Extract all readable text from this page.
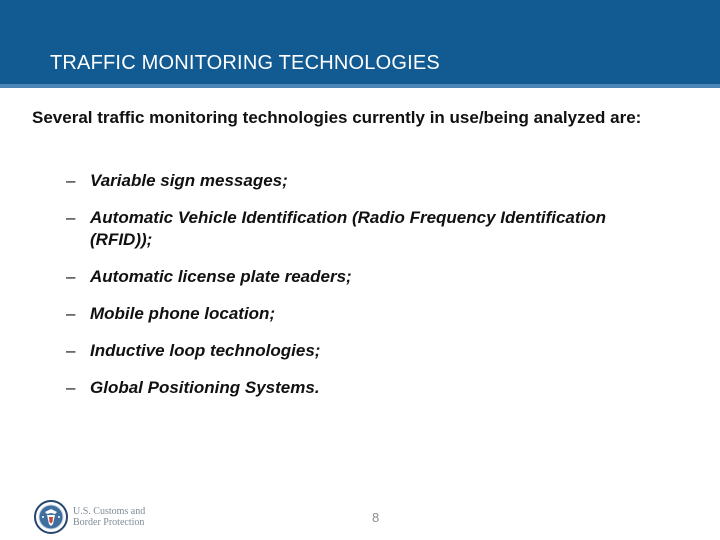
TRAFFIC MONITORING TECHNOLOGIES

Several traffic monitoring technologies currently in use/being analyzed are:

– Variable sign messages;
– Automatic Vehicle Identification (Radio Frequency Identification (RFID));
– Automatic license plate readers;
– Mobile phone location;
– Inductive loop technologies;
– Global Positioning Systems.
U.S. Customs and
Border Protection	8
